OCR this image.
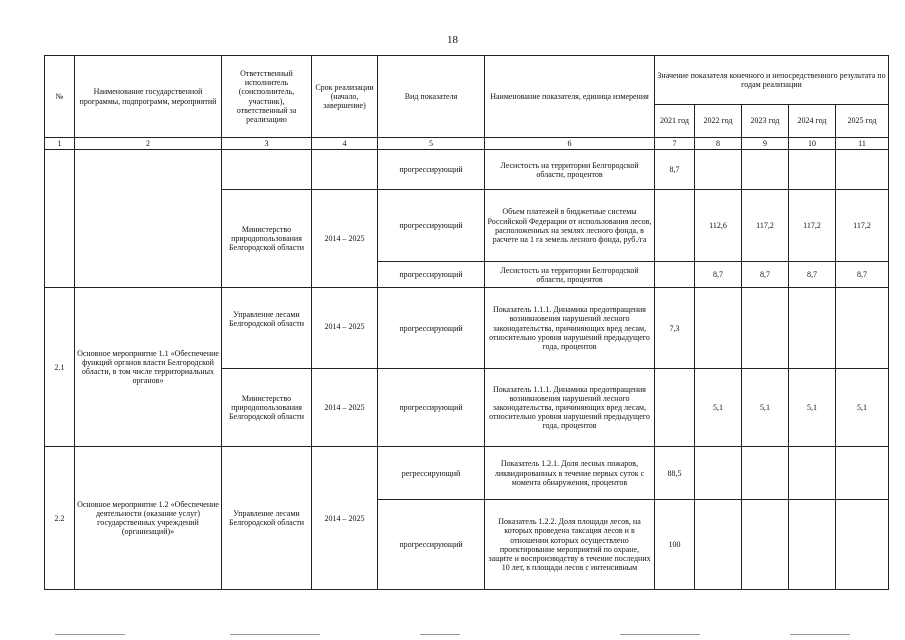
18
№	Наименование государственной программы, подпрограмм, мероприятий	Ответственный исполнитель (соисполнитель, участник), ответственный за реализацию	Срок реализации (начало, завершение)	Вид показателя	Наименование показателя, единица измерения	Значение показателя конечного и непосредственного результата по годам реализации				
						2021 год	2022 год	2023 год	2024 год	2025 год
1	2	3	4	5	6	7	8	9	10	11
				прогрессирующий	Лесистость на территории Белгородской области, процентов	8,7				
		Министерство природопользования Белгородской области	2014 – 2025	прогрессирующий	Объем платежей в бюджетные системы Российской Федерации от использования лесов, расположенных на землях лесного фонда, в расчете на 1 га земель лесного фонда, руб./га		112,6	117,2	117,2	117,2
				прогрессирующий	Лесистость на территории Белгородской области, процентов		8,7	8,7	8,7	8,7
2.1	Основное мероприятие 1.1 «Обеспечение функций органов власти Белгородской области, в том числе территориальных органов»	Управление лесами Белгородской области	2014 – 2025	прогрессирующий	Показатель 1.1.1. Динамика предотвращения возникновения нарушений лесного законодательства, причиняющих вред лесам, относительно уровня нарушений предыдущего года, процентов	7,3				
		Министерство природопользования Белгородской области	2014 – 2025	прогрессирующий	Показатель 1.1.1. Динамика предотвращения возникновения нарушений лесного законодательства, причиняющих вред лесам, относительно уровня нарушений предыдущего года, процентов		5,1	5,1	5,1	5,1
2.2	Основное мероприятие 1.2 «Обеспечение деятельности (оказание услуг) государственных учреждений (организаций)»	Управление лесами Белгородской области	2014 – 2025	регрессирующий	Показатель 1.2.1. Доля лесных пожаров, ликвидированных в течение первых суток с момента обнаружения, процентов	88,5				
				прогрессирующий	Показатель 1.2.2. Доля площади лесов, на которых проведена таксация лесов и в отношении которых осуществлено проектирование мероприятий по охране, защите и воспроизводству в течение последних 10 лет, в площади лесов с интенсивным	100				
